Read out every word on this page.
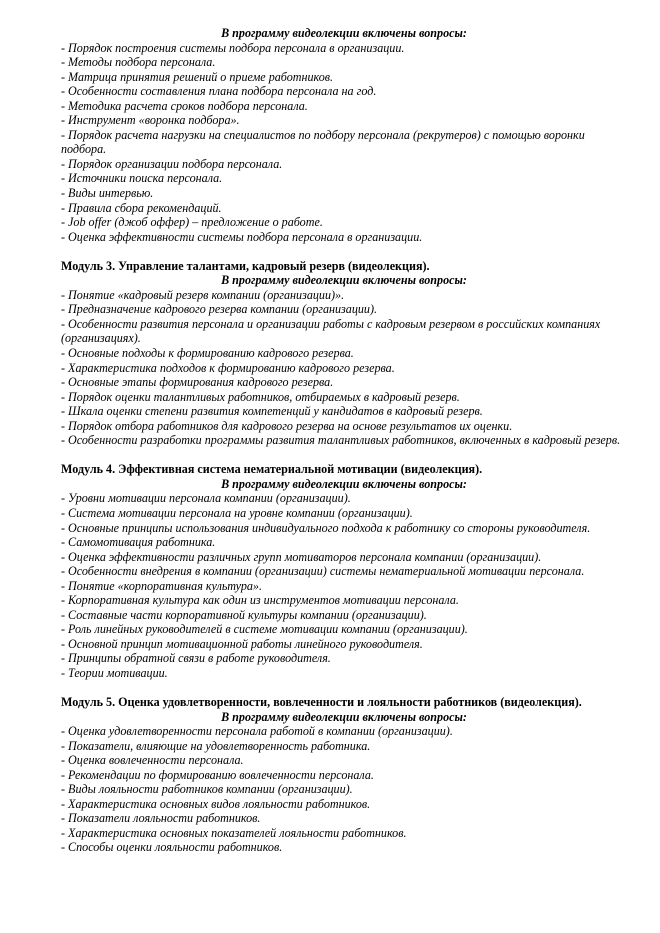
В программу видеолекции включены вопросы:

- Порядок построения системы подбора персонала в организации.
- Методы подбора персонала.
- Матрица принятия решений о приеме работников.
- Особенности составления плана подбора персонала на год.
- Методика расчета сроков подбора персонала.
- Инструмент «воронка подбора».
- Порядок расчета нагрузки на специалистов по подбору персонала (рекрутеров) с помощью воронки подбора.
- Порядок организации подбора персонала.
- Источники поиска персонала.
- Виды интервью.
- Правила сбора рекомендаций.
- Job offer (джоб оффер) – предложение о работе.
- Оценка эффективности системы подбора персонала в организации.

Модуль 3. Управление талантами, кадровый резерв (видеолекция).

В программу видеолекции включены вопросы:

- Понятие «кадровый резерв компании (организации)».
- Предназначение кадрового резерва компании (организации).
- Особенности развития персонала и организации работы с кадровым резервом в российских компаниях (организациях).
- Основные подходы к формированию кадрового резерва.
- Характеристика подходов к формированию кадрового резерва.
- Основные этапы формирования кадрового резерва.
- Порядок оценки талантливых работников, отбираемых в кадровый резерв.
- Шкала оценки степени развития компетенций у кандидатов в кадровый резерв.
- Порядок отбора работников для кадрового резерва на основе результатов их оценки.
- Особенности разработки программы развития талантливых работников, включенных в кадровый резерв.

Модуль 4. Эффективная система нематериальной мотивации (видеолекция).

В программу видеолекции включены вопросы:

- Уровни мотивации персонала компании (организации).
- Система мотивации персонала на уровне компании (организации).
- Основные принципы использования индивидуального подхода к работнику со стороны руководителя.
- Самомотивация работника.
- Оценка эффективности различных групп мотиваторов персонала компании (организации).
- Особенности внедрения в компании (организации) системы нематериальной мотивации персонала.
- Понятие «корпоративная культура».
- Корпоративная культура как один из инструментов мотивации персонала.
- Составные части корпоративной культуры компании (организации).
- Роль линейных руководителей в системе мотивации компании (организации).
- Основной принцип мотивационной работы линейного руководителя.
- Принципы обратной связи в работе руководителя.
- Теории мотивации.

Модуль 5. Оценка удовлетворенности, вовлеченности и лояльности работников (видеолекция).

В программу видеолекции включены вопросы:

- Оценка удовлетворенности персонала работой в компании (организации).
- Показатели, влияющие на удовлетворенность работника.
- Оценка вовлеченности персонала.
- Рекомендации по формированию вовлеченности персонала.
- Виды лояльности работников компании (организации).
- Характеристика основных видов лояльности работников.
- Показатели лояльности работников.
- Характеристика основных показателей лояльности работников.
- Способы оценки лояльности работников.
